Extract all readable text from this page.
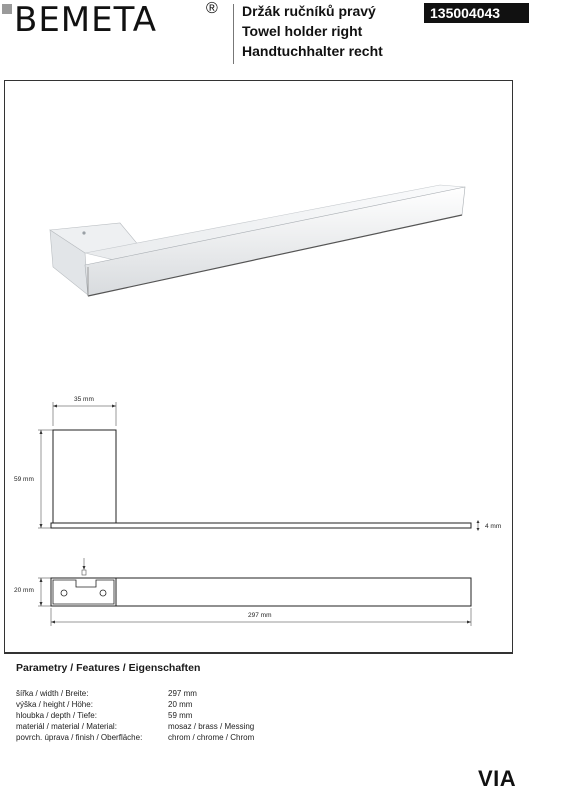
BEMETA	® Držák ručníků pravý
Towel holder right
Handtuchhalter recht
135004043
35 mm
59 mm
4 mm
20 mm
297 mm
Parametry / Features / Eigenschaften
šířka / width / Breite:	297 mm
výška / height / Höhe:	20 mm
hloubka / depth / Tiefe:	59 mm
materiál / material / Material:	mosaz / brass / Messing
povrch. úprava / finish / Oberfläche:	chrom / chrome / Chrom
VIA
